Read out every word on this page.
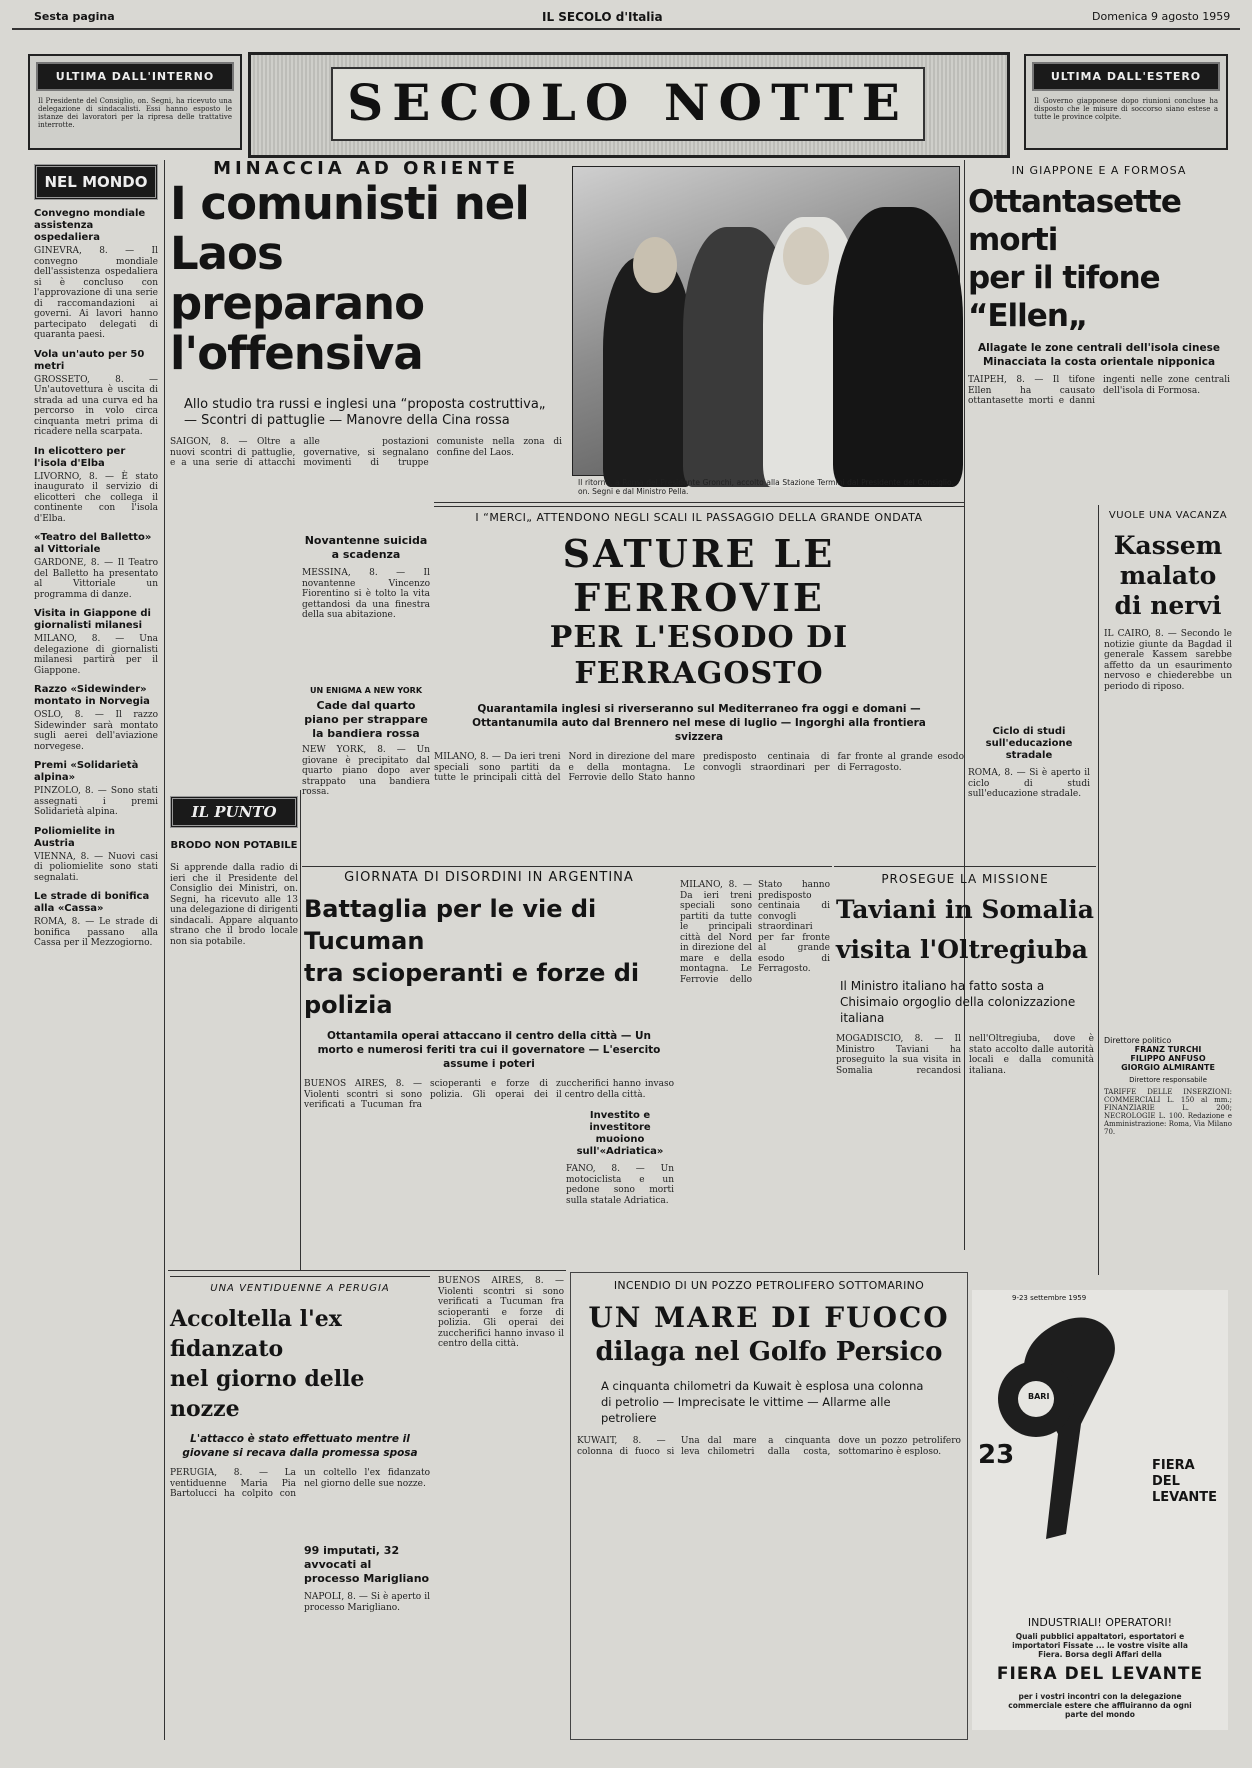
Sesta pagina	IL SECOLO d'Italia	Domenica 9 agosto 1959
ULTIMA DALL'INTERNO
Il Presidente del Consiglio, on. Segni, ha ricevuto una delegazione di sindacalisti. Essi hanno esposto le istanze dei lavoratori per la ripresa delle trattative interrotte.	SECOLO NOTTE	ULTIMA DALL'ESTERO
Il Governo giapponese dopo riunioni concluse ha disposto che le misure di soccorso siano estese a tutte le province colpite.
NEL MONDO
Convegno mondiale assistenza ospedaliera
GINEVRA, 8. — Il convegno mondiale dell'assistenza ospedaliera si è concluso con l'approvazione di una serie di raccomandazioni ai governi. Ai lavori hanno partecipato delegati di quaranta paesi.
Vola un'auto per 50 metri
GROSSETO, 8. — Un'autovettura è uscita di strada ad una curva ed ha percorso in volo circa cinquanta metri prima di ricadere nella scarpata.
In elicottero per l'isola d'Elba
LIVORNO, 8. — È stato inaugurato il servizio di elicotteri che collega il continente con l'isola d'Elba.
«Teatro del Balletto» al Vittoriale
GARDONE, 8. — Il Teatro del Balletto ha presentato al Vittoriale un programma di danze.
Visita in Giappone di giornalisti milanesi
MILANO, 8. — Una delegazione di giornalisti milanesi partirà per il Giappone.
Razzo «Sidewinder» montato in Norvegia
OSLO, 8. — Il razzo Sidewinder sarà montato sugli aerei dell'aviazione norvegese.
Premi «Solidarietà alpina»
PINZOLO, 8. — Sono stati assegnati i premi Solidarietà alpina.
Poliomielite in Austria
VIENNA, 8. — Nuovi casi di poliomielite sono stati segnalati.
Le strade di bonifica alla «Cassa»
ROMA, 8. — Le strade di bonifica passano alla Cassa per il Mezzogiorno.
MINACCIA AD ORIENTE
I comunisti nel Laos
preparano l'offensiva
Allo studio tra russi e inglesi una “proposta costruttiva„ — Scontri di pattuglie — Manovre della Cina rossa
SAIGON, 8. — Oltre a nuovi scontri di pattuglie, e a una serie di attacchi alle postazioni governative, si segnalano movimenti di truppe comuniste nella zona di confine del Laos.
Il ritorno, a Roma del Presidente Gronchi, accolto alla Stazione Termini dal Presidente del Consiglio, on. Segni e dal Ministro Pella.
I “MERCI„ ATTENDONO NEGLI SCALI IL PASSAGGIO DELLA GRANDE ONDATA
SATURE LE FERROVIE
PER L'ESODO DI FERRAGOSTO
Quarantamila inglesi si riverseranno sul Mediterraneo fra oggi e domani — Ottantanumila auto dal Brennero nel mese di luglio — Ingorghi alla frontiera svizzera
MILANO, 8. — Da ieri treni speciali sono partiti da tutte le principali città del Nord in direzione del mare e della montagna. Le Ferrovie dello Stato hanno predisposto centinaia di convogli straordinari per far fronte al grande esodo di Ferragosto.
IN GIAPPONE E A FORMOSA
Ottantasette morti
per il tifone “Ellen„
Allagate le zone centrali dell'isola cinese Minacciata la costa orientale nipponica
TAIPEH, 8. — Il tifone Ellen ha causato ottantasette morti e danni ingenti nelle zone centrali dell'isola di Formosa.
Novantenne suicida a scadenza
MESSINA, 8. — Il novantenne Vincenzo Fiorentino si è tolto la vita gettandosi da una finestra della sua abitazione.
UN ENIGMA A NEW YORK
Cade dal quarto piano per strappare la bandiera rossa
NEW YORK, 8. — Un giovane è precipitato dal quarto piano dopo aver strappato una bandiera rossa.
IL PUNTO
BRODO NON POTABILE
Si apprende dalla radio di ieri che il Presidente del Consiglio dei Ministri, on. Segni, ha ricevuto alle 13 una delegazione di dirigenti sindacali. Appare alquanto strano che il brodo locale non sia potabile.
GIORNATA DI DISORDINI IN ARGENTINA
Battaglia per le vie di Tucuman
tra scioperanti e forze di polizia
Ottantamila operai attaccano il centro della città — Un morto e numerosi feriti tra cui il governatore — L'esercito assume i poteri
BUENOS AIRES, 8. — Violenti scontri si sono verificati a Tucuman fra scioperanti e forze di polizia. Gli operai dei zuccherifici hanno invaso il centro della città.
Investito e investitore muoiono sull'«Adriatica»
FANO, 8. — Un motociclista e un pedone sono morti sulla statale Adriatica.
MILANO, 8. — Da ieri treni speciali sono partiti da tutte le principali città del Nord in direzione del mare e della montagna. Le Ferrovie dello Stato hanno predisposto centinaia di convogli straordinari per far fronte al grande esodo di Ferragosto.
PROSEGUE LA MISSIONE
Taviani in Somalia
visita l'Oltregiuba
Il Ministro italiano ha fatto sosta a Chisimaio orgoglio della colonizzazione italiana
MOGADISCIO, 8. — Il Ministro Taviani ha proseguito la sua visita in Somalia recandosi nell'Oltregiuba, dove è stato accolto dalle autorità locali e dalla comunità italiana.
Ciclo di studi sull'educazione stradale
ROMA, 8. — Si è aperto il ciclo di studi sull'educazione stradale.
VUOLE UNA VACANZA
Kassem
malato
di nervi
IL CAIRO, 8. — Secondo le notizie giunte da Bagdad il generale Kassem sarebbe affetto da un esaurimento nervoso e chiederebbe un periodo di riposo.
Direttore politico
FRANZ TURCHI
FILIPPO ANFUSO
GIORGIO ALMIRANTE
Direttore responsabile
TARIFFE DELLE INSERZIONI: COMMERCIALI L. 150 al mm.; FINANZIARIE L. 200; NECROLOGIE L. 100. Redazione e Amministrazione: Roma, Via Milano 70.
UNA VENTIDUENNE A PERUGIA
Accoltella l'ex fidanzato
nel giorno delle nozze
L'attacco è stato effettuato mentre il giovane si recava dalla promessa sposa
PERUGIA, 8. — La ventiduenne Maria Pia Bartolucci ha colpito con un coltello l'ex fidanzato nel giorno delle sue nozze.
99 imputati, 32 avvocati al processo Marigliano
NAPOLI, 8. — Si è aperto il processo Marigliano.
BUENOS AIRES, 8. — Violenti scontri si sono verificati a Tucuman fra scioperanti e forze di polizia. Gli operai dei zuccherifici hanno invaso il centro della città.
INCENDIO DI UN POZZO PETROLIFERO SOTTOMARINO
UN MARE DI FUOCO
dilaga nel Golfo Persico
A cinquanta chilometri da Kuwait è esplosa una colonna di petrolio — Imprecisate le vittime — Allarme alle petroliere
KUWAIT, 8. — Una colonna di fuoco si leva dal mare a cinquanta chilometri dalla costa, dove un pozzo petrolifero sottomarino è esploso.
9-23 settembre 1959
BARI
23	FIERA
DEL
LEVANTE
INDUSTRIALI! OPERATORI!
Quali pubblici appaltatori, esportatori e importatori Fissate ... le vostre visite alla Fiera. Borsa degli Affari della
FIERA DEL LEVANTE
per i vostri incontri con la delegazione commerciale estere che affluiranno da ogni parte del mondo
